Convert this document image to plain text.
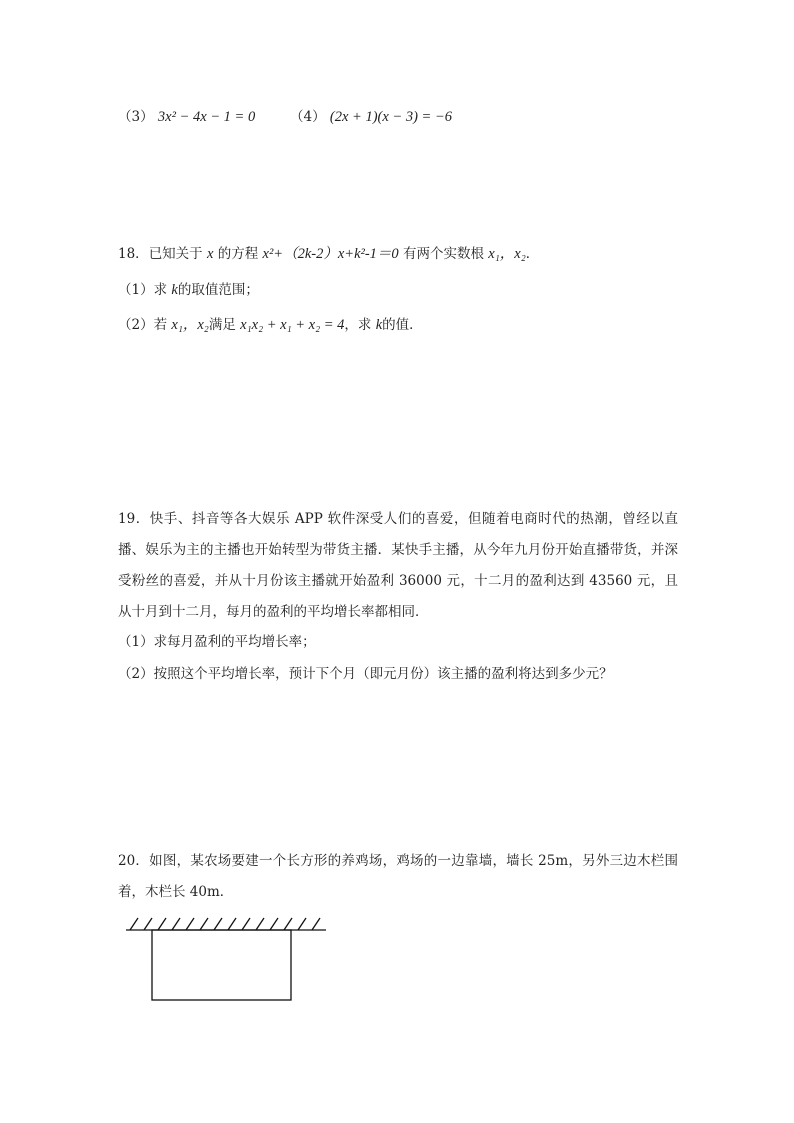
（3） 3x² − 4x − 1 = 0	（4） (2x + 1)(x − 3) = −6
18．已知关于 x 的方程 x²+（2k-2）x+k²-1＝0 有两个实数根 x₁，x₂．
（1）求 k的取值范围；
（2）若 x₁，x₂满足 x₁x₂ + x₁ + x₂ = 4，求 k的值．
19．快手、抖音等各大娱乐 APP 软件深受人们的喜爱，但随着电商时代的热潮，曾经以直播、娱乐为主的主播也开始转型为带货主播．某快手主播，从今年九月份开始直播带货，并深受粉丝的喜爱，并从十月份该主播就开始盈利 36000 元，十二月的盈利达到 43560 元，且从十月到十二月，每月的盈利的平均增长率都相同．
（1）求每月盈利的平均增长率；
（2）按照这个平均增长率，预计下个月（即元月份）该主播的盈利将达到多少元？
20．如图，某农场要建一个长方形的养鸡场，鸡场的一边靠墙，墙长 25m，另外三边木栏围着，木栏长 40m．
